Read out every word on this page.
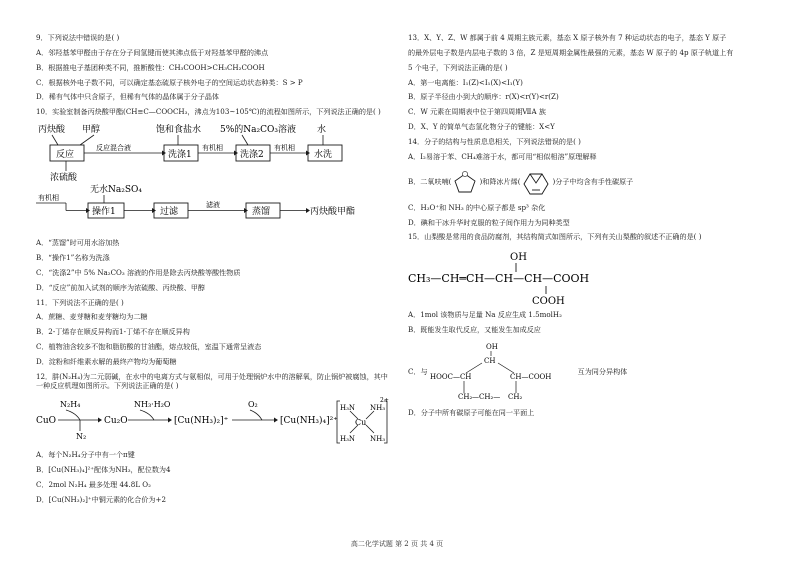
9．下列说法中错误的是( )
A．邻羟基苯甲醛由于存在分子间氢键而使其沸点低于对羟基苯甲醛的沸点
B．根据推电子基团种类不同，推断酸性：CH₃COOH>CH₃CH₂COOH
C．根据核外电子数不同，可以确定基态硫原子核外电子的空间运动状态种类：S > P
D．稀有气体中只含原子，但稀有气体的晶体属于分子晶体
10．实验室制备丙炔酸甲酯(CH≡C—COOCH₃，沸点为103~105℃)的流程如图所示，下列说法正确的是( )
丙炔酸 甲醇	饱和食盐水 5%的Na₂CO₃溶液 水
反应	洗涤1	洗涤2	水洗
反应混合液	有机相	有机相
浓硫酸
无水Na₂SO₄
有机相
操作1	过滤	蒸馏
滤液
丙炔酸甲酯
A．“蒸馏”时可用水浴加热
B．“操作1”名称为洗涤
C．“洗涤2”中 5% Na₂CO₃ 溶液的作用是除去丙炔酸等酸性物质
D．“反应”前加入试剂的顺序为浓硫酸、丙炔酸、甲醇
11．下列说法不正确的是( )
A．蔗糖、麦芽糖和麦芽糖均为二糖
B．2-丁烯存在顺反异构而1-丁烯不存在顺反异构
C．植物油含较多不饱和脂肪酸的甘油酯，熔点较低，室温下通常呈液态
D．淀粉和纤维素水解的最终产物均为葡萄糖
12．肼(N₂H₄)为二元弱碱，在水中的电离方式与氨相似，可用于处理锅炉水中的溶解氧，防止锅炉被腐蚀，其中一种反应机理如图所示。下列说法正确的是( )
CuO
N₂H₄
N₂
Cu₂O
NH₃·H₂O
[Cu(NH₃)₂]⁺
O₂
[Cu(NH₃)₄]²⁺
H₃N NH₃
Cu
H₃N NH₃
2+
A．每个N₂H₄分子中有一个π键
B．[Cu(NH₃)₄]²⁺配体为NH₃，配位数为4
C．2mol N₂H₄ 最多处理 44.8L O₂
D．[Cu(NH₃)₂]⁺中铜元素的化合价为+2
13．X、Y、Z、W 都属于前 4 周期主族元素，基态 X 原子核外有 7 种运动状态的电子，基态 Y 原子
的最外层电子数是内层电子数的 3 倍，Z 是短周期金属性最强的元素，基态 W 原子的 4p 原子轨道上有
5 个电子，下列说法正确的是( )
A．第一电离能：I₁(Z)<I₁(X)<I₁(Y)
B．原子半径由小到大的顺序：r(X)<r(Y)<r(Z)
C．W 元素在周期表中位于第四周期ⅦA 族
D．X、Y 的简单气态氢化物分子的键能：X<Y
14．分子的结构与性质息息相关，下列说法错误的是( )
A．I₂易溶于苯、CH₄难溶于水，都可用“相似相溶”原理解释
B．二氧呋喃(	)和降冰片烯(	)分子中均含有手性碳原子
C．H₃O⁺和 NH₃ 的中心原子都是 sp³ 杂化
D．碘和干冰升华时克服的粒子间作用力为同种类型
15．山梨酸是常用的食品防腐剂，其结构简式如图所示，下列有关山梨酸的叙述不正确的是( )
OH
CH₃—CH═CH—CH—CH—COOH
COOH
A．1mol 该物质与足量 Na 反应生成 1.5molH₂
B．既能发生取代反应，又能发生加成反应
C．与
OH
CH
HOOC—CH	CH—COOH
CH₂ —CH₂— CH₂
互为同分异构体
D．分子中所有碳原子可能在同一平面上
高二化学试题 第 2 页 共 4 页
